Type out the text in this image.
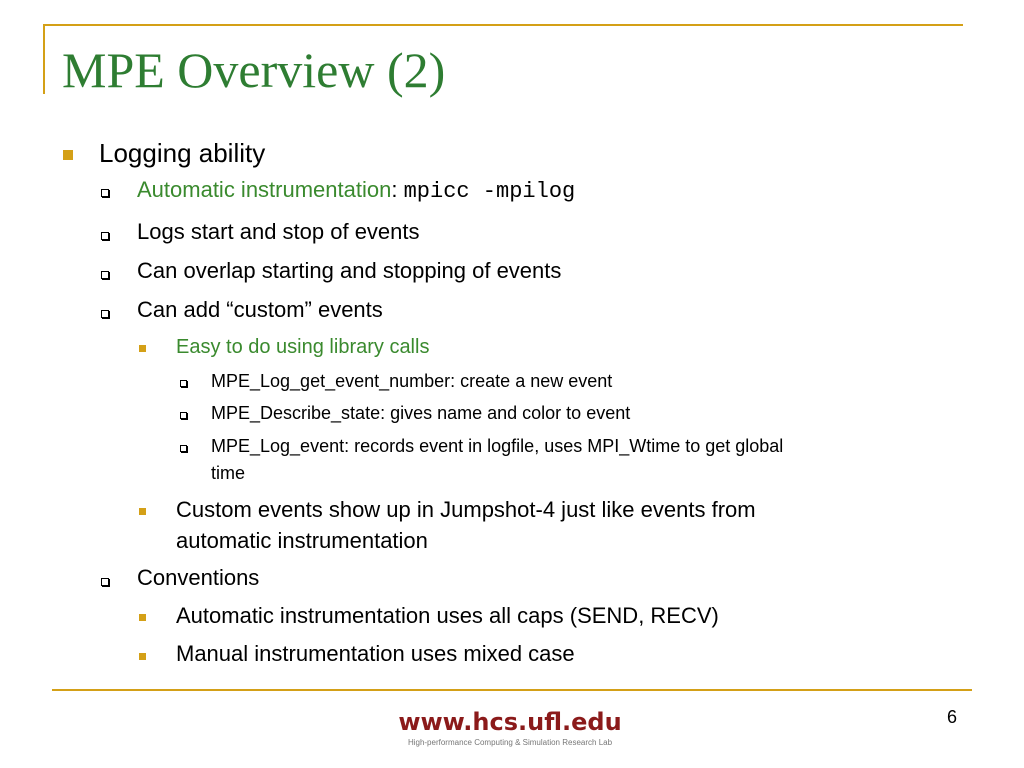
MPE Overview (2)
Logging ability
Automatic instrumentation: mpicc -mpilog
Logs start and stop of events
Can overlap starting and stopping of events
Can add “custom” events
Easy to do using library calls
MPE_Log_get_event_number: create a new event
MPE_Describe_state: gives name and color to event
MPE_Log_event: records event in logfile, uses MPI_Wtime to get global
time
Custom events show up in Jumpshot-4 just like events from
automatic instrumentation
Conventions
Automatic instrumentation uses all caps (SEND, RECV)
Manual instrumentation uses mixed case
www.hcs.ufl.edu
High-performance Computing & Simulation Research Lab
6
